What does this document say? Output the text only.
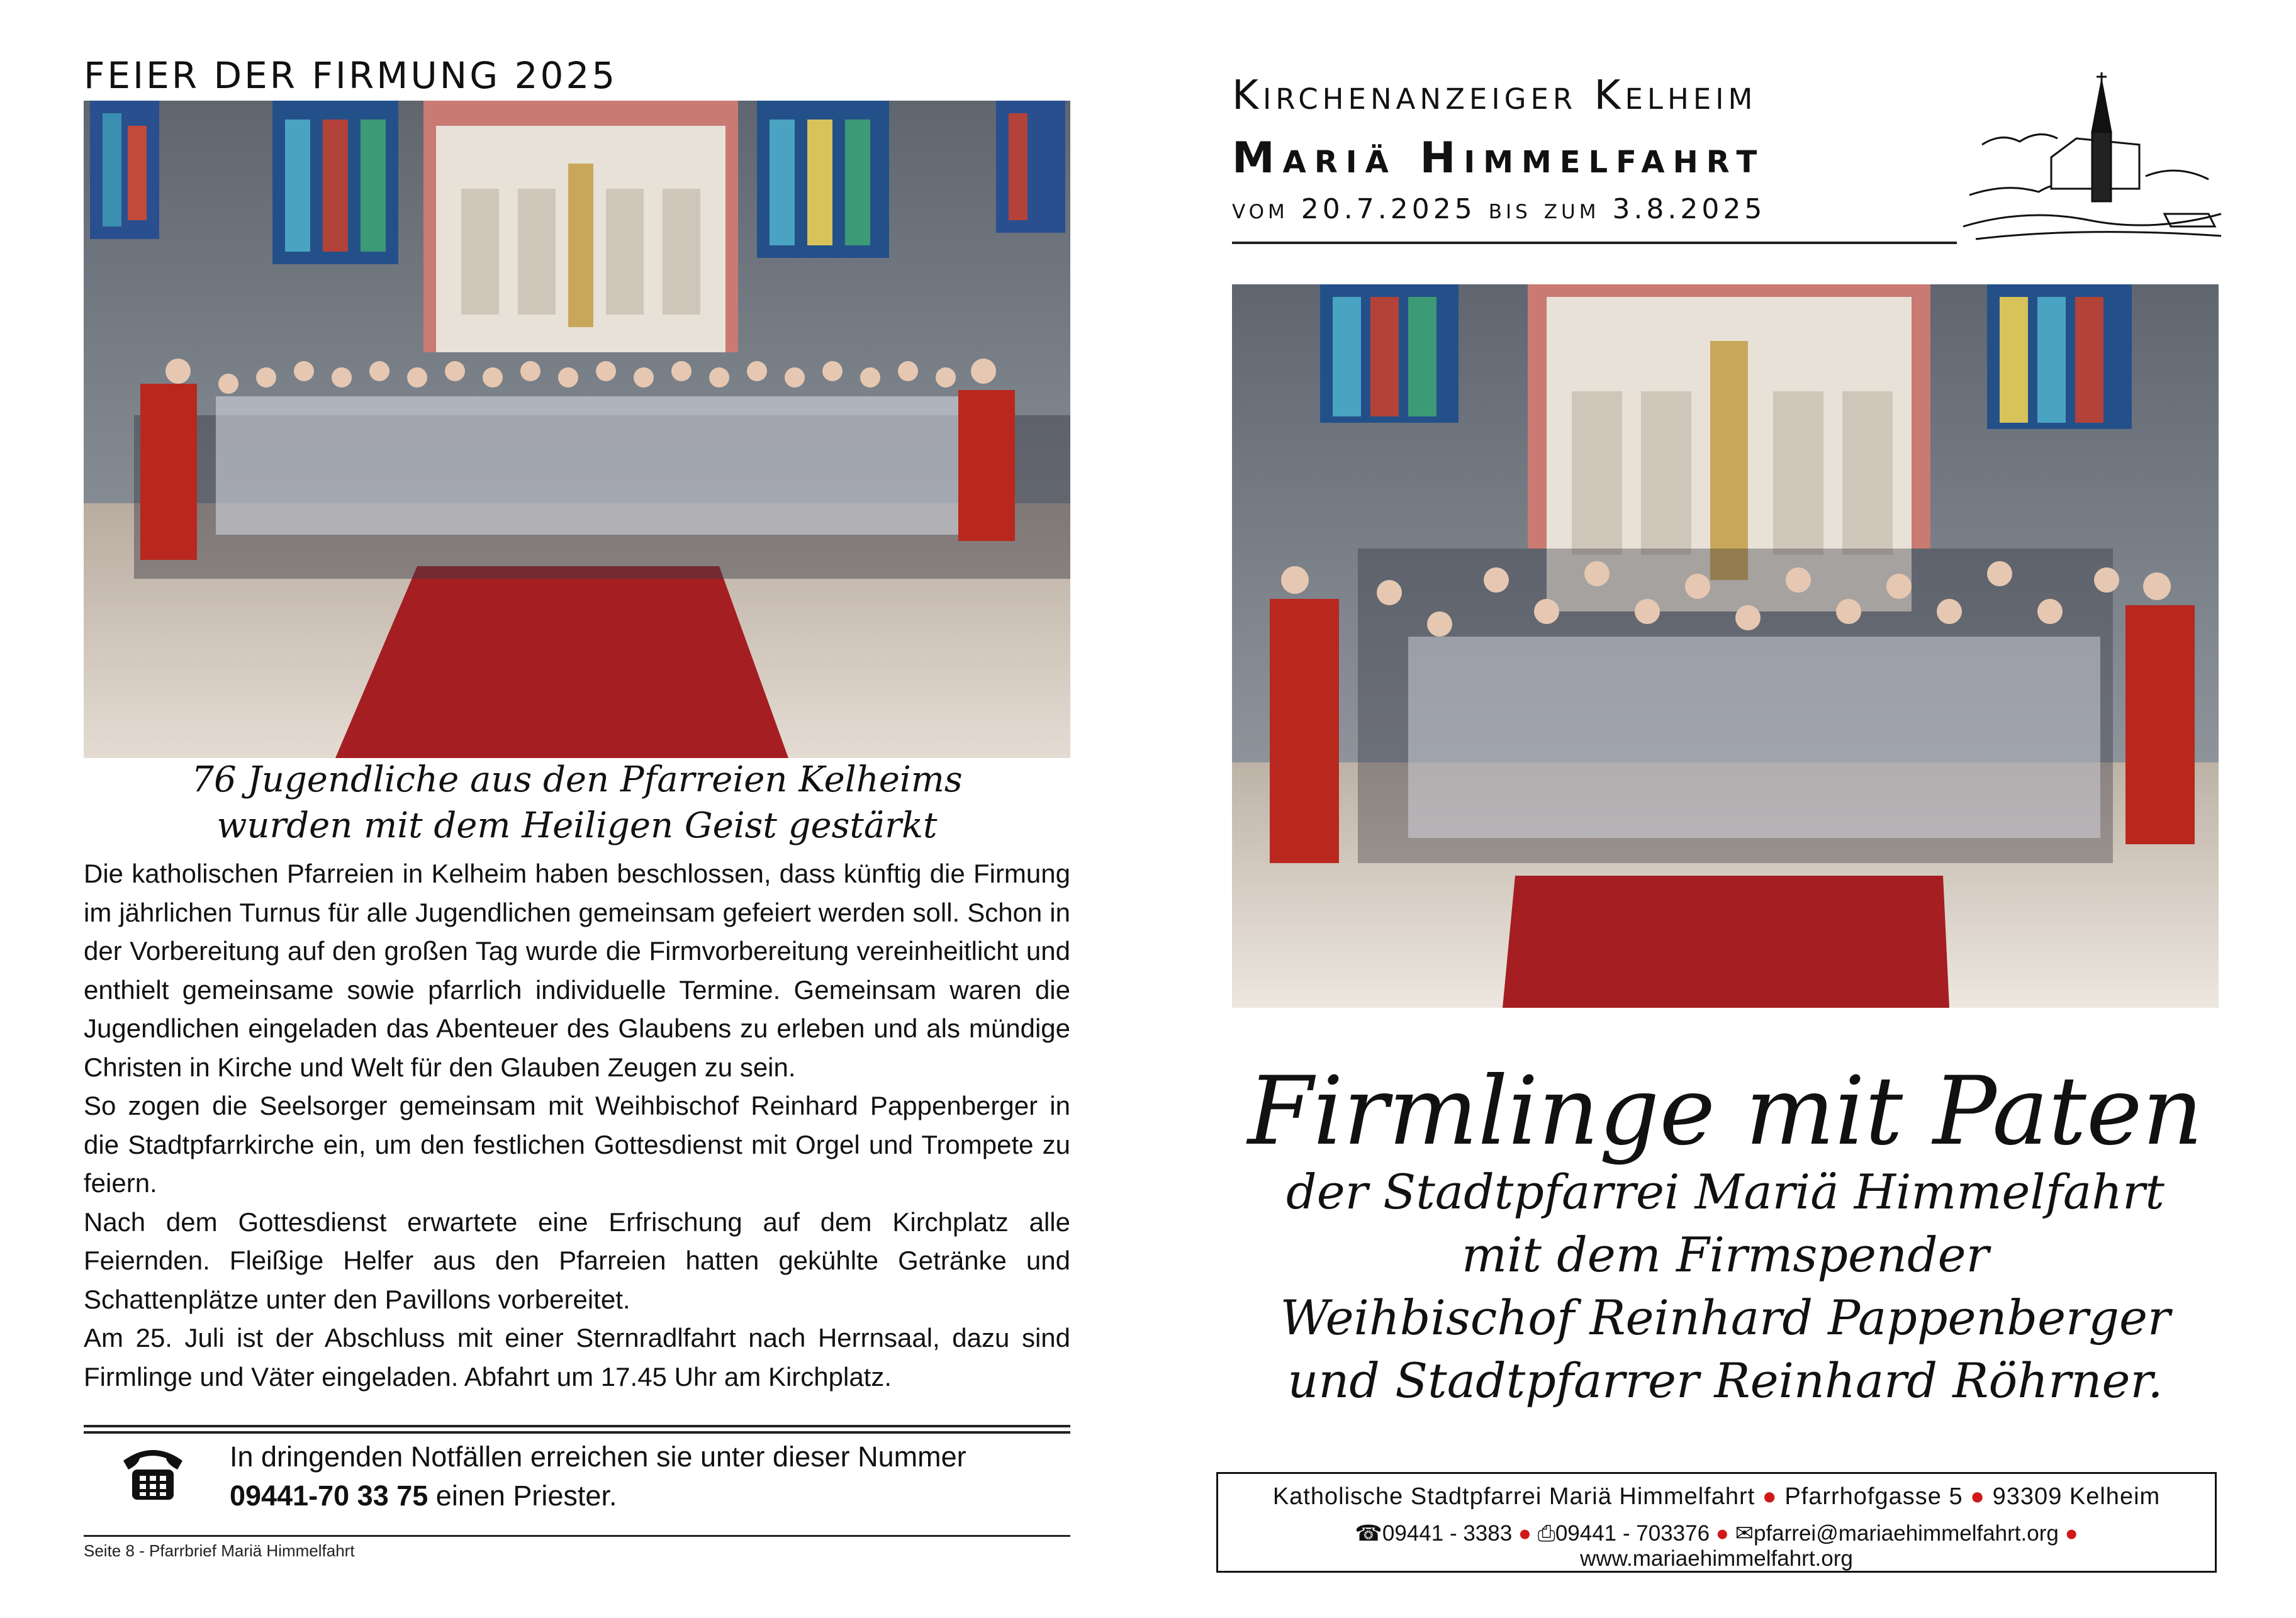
FEIER DER FIRMUNG 2025
76 Jugendliche aus den Pfarreien Kelheims
wurden mit dem Heiligen Geist gestärkt

Die katholischen Pfarreien in Kelheim haben beschlossen, dass künftig die Firmung im jährlichen Turnus für alle Jugendlichen gemeinsam gefeiert werden soll. Schon in der Vorbereitung auf den großen Tag wurde die Firmvorbereitung vereinheitlicht und enthielt gemeinsame sowie pfarrlich individuelle Termine. Gemeinsam waren die Jugendlichen eingeladen das Abenteuer des Glaubens zu erleben und als mündige Christen in Kirche und Welt für den Glauben Zeugen zu sein.

So zogen die Seelsorger gemeinsam mit Weihbischof Reinhard Pappenberger in die Stadtpfarrkirche ein, um den festlichen Gottesdienst mit Orgel und Trompete zu feiern.

Nach dem Gottesdienst erwartete eine Erfrischung auf dem Kirchplatz alle Feiernden. Fleißige Helfer aus den Pfarreien hatten gekühlte Getränke und Schattenplätze unter den Pavillons vorbereitet.

Am 25. Juli ist der Abschluss mit einer Sternradlfahrt nach Herrnsaal, dazu sind Firmlinge und Väter eingeladen. Abfahrt um 17.45 Uhr am Kirchplatz.

In dringenden Notfällen erreichen sie unter dieser Nummer
09441-70 33 75 einen Priester.
Seite 8 - Pfarrbrief Mariä Himmelfahrt
Kirchenanzeiger Kelheim
Mariä Himmelfahrt
vom 20.7.2025 bis zum 3.8.2025
Firmlinge mit Paten
der Stadtpfarrei Mariä Himmelfahrt
mit dem Firmspender
Weihbischof Reinhard Pappenberger
und Stadtpfarrer Reinhard Röhrner.
Katholische Stadtpfarrei Mariä Himmelfahrt ● Pfarrhofgasse 5 ● 93309 Kelheim
☎09441 - 3383 ● ⎙09441 - 703376 ● ✉pfarrei@mariaehimmelfahrt.org ● www.mariaehimmelfahrt.org
